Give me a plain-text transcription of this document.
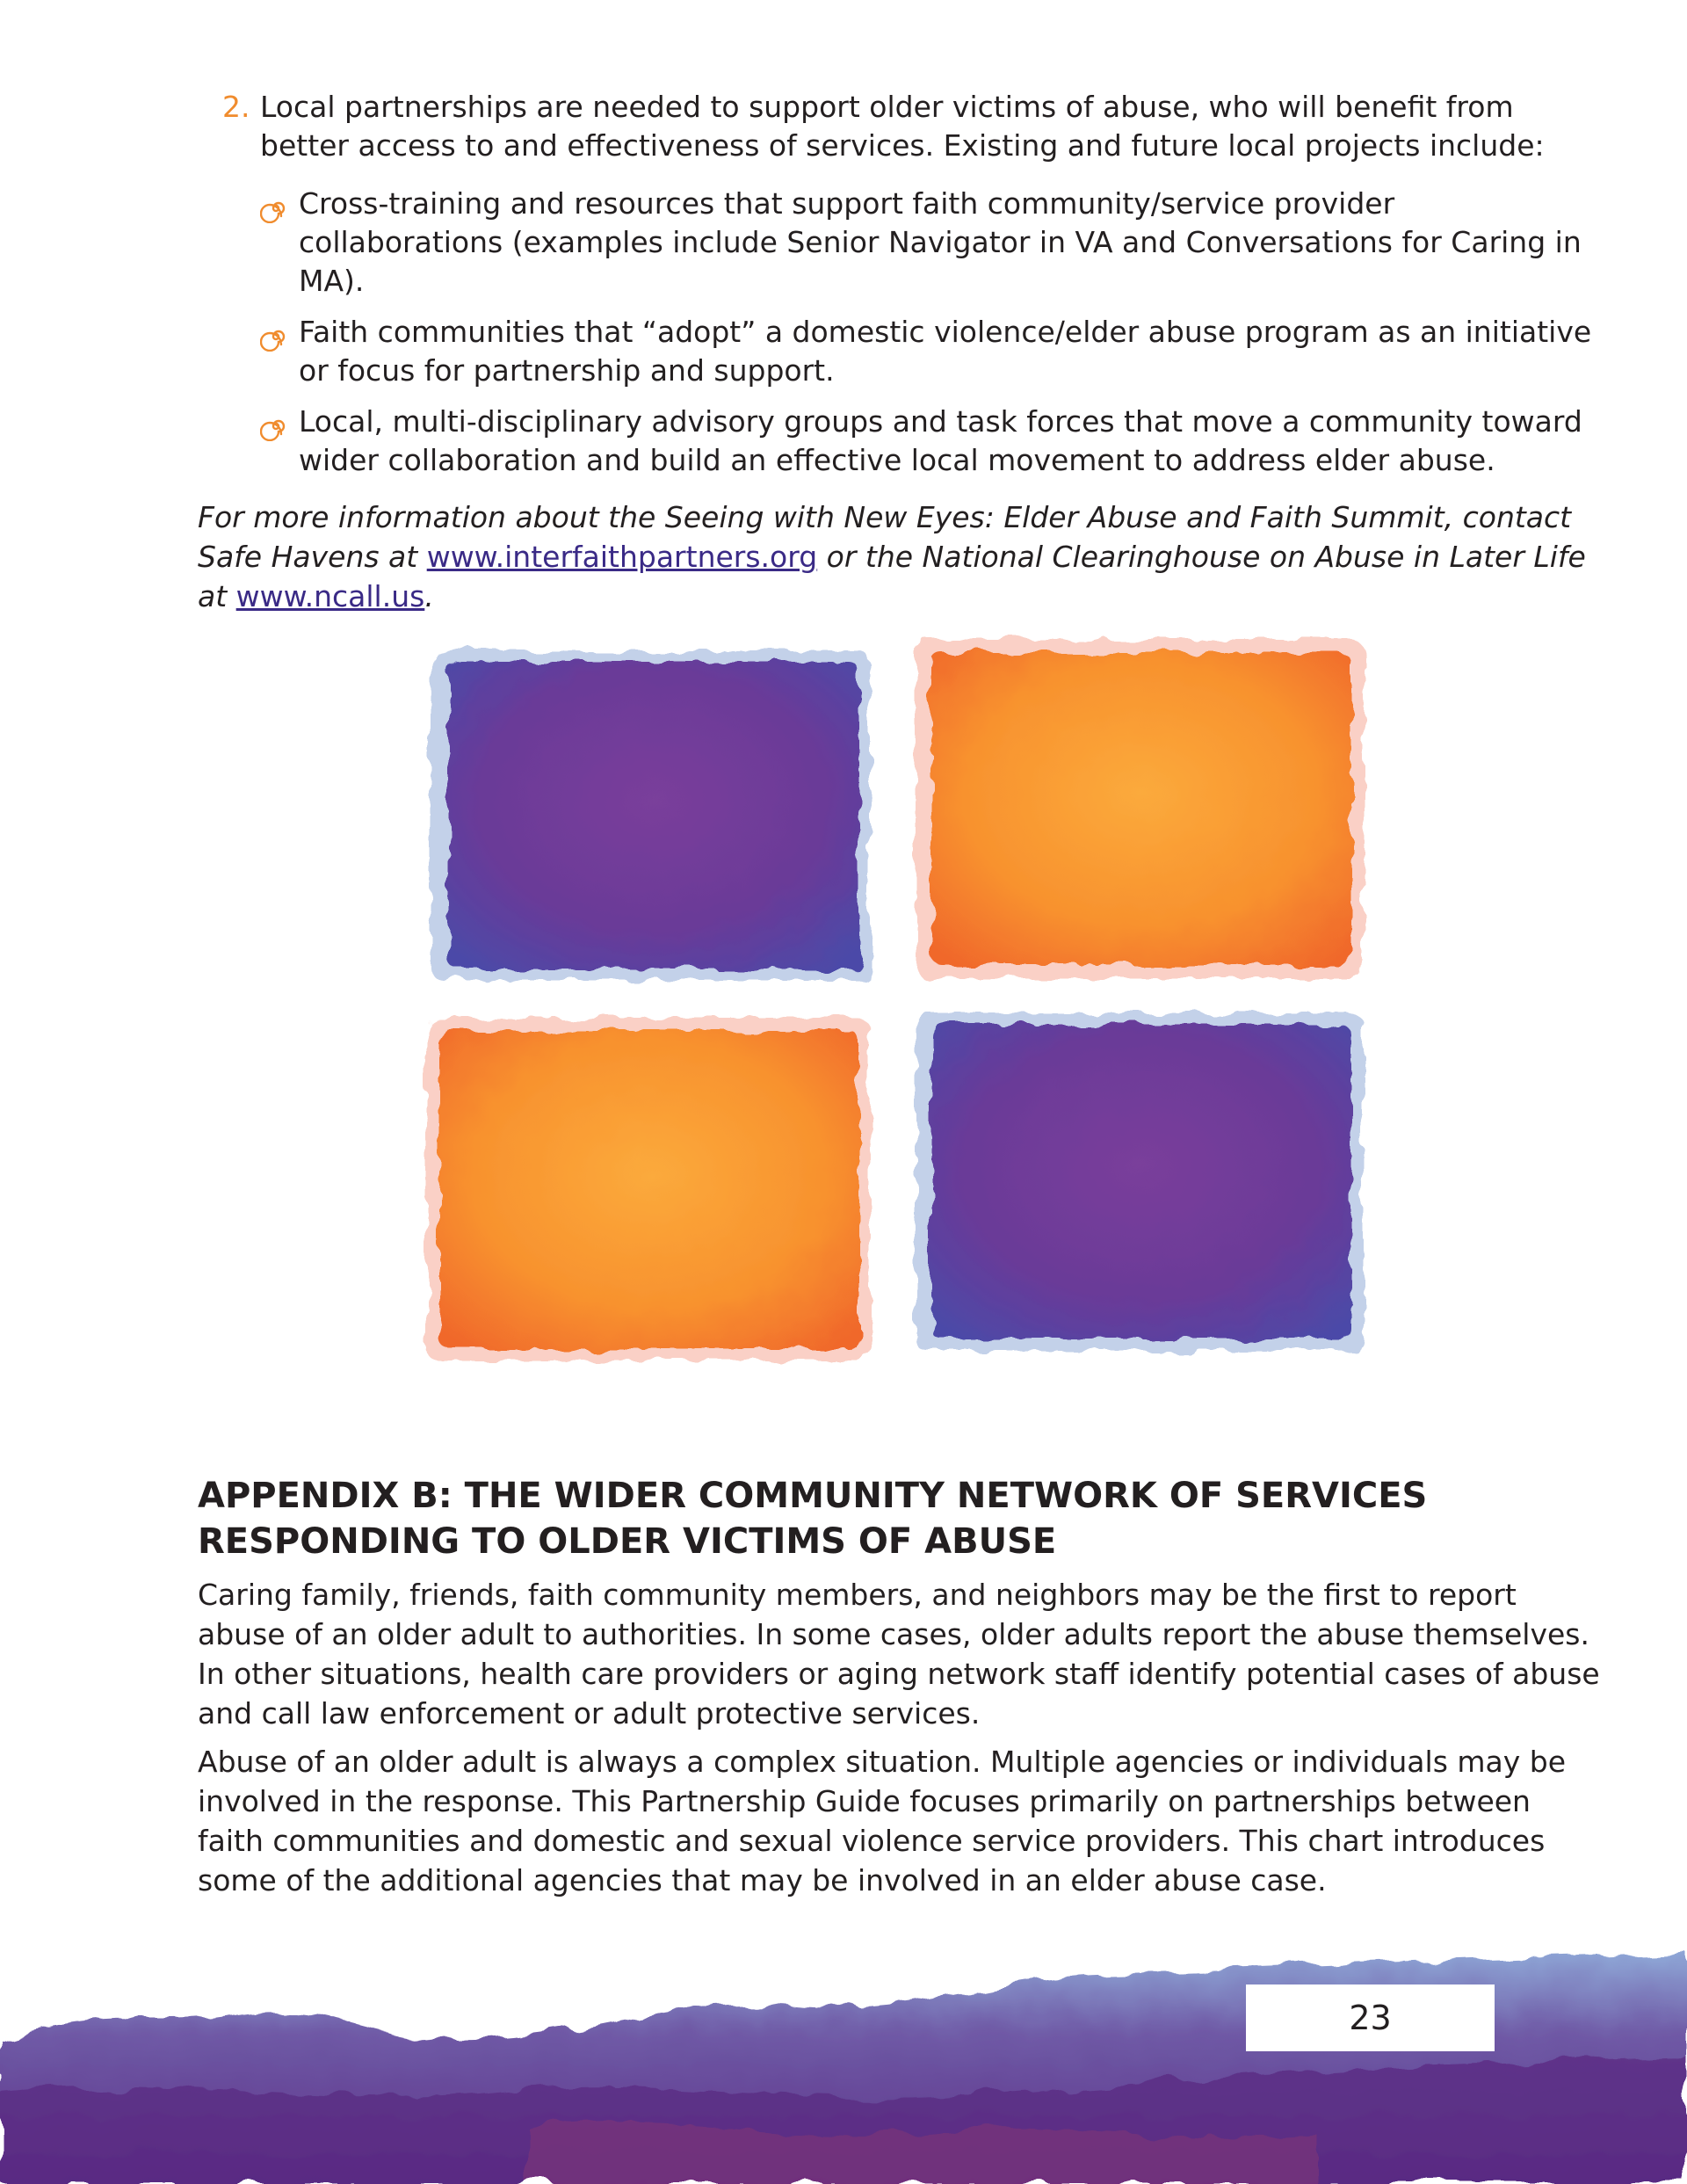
2. Local partnerships are needed to support older victims of abuse, who will benefit from better access to and effectiveness of services. Existing and future local projects include:

Cross-training and resources that support faith community/service provider collaborations (examples include Senior Navigator in VA and Conversations for Caring in MA).
Faith communities that “adopt” a domestic violence/elder abuse program as an initiative or focus for partnership and support.
Local, multi-disciplinary advisory groups and task forces that move a community toward wider collaboration and build an effective local movement to address elder abuse.

For more information about the Seeing with New Eyes: Elder Abuse and Faith Summit, contact Safe Havens at www.interfaithpartners.org or the National Clearinghouse on Abuse in Later Life at www.ncall.us.

APPENDIX B: THE WIDER COMMUNITY NETWORK OF SERVICES
RESPONDING TO OLDER VICTIMS OF ABUSE

Caring family, friends, faith community members, and neighbors may be the first to report abuse of an older adult to authorities. In some cases, older adults report the abuse themselves. In other situations, health care providers or aging network staff identify potential cases of abuse and call law enforcement or adult protective services.

Abuse of an older adult is always a complex situation. Multiple agencies or individuals may be involved in the response. This Partnership Guide focuses primarily on partnerships between faith communities and domestic and sexual violence service providers. This chart introduces some of the additional agencies that may be involved in an elder abuse case.

23
